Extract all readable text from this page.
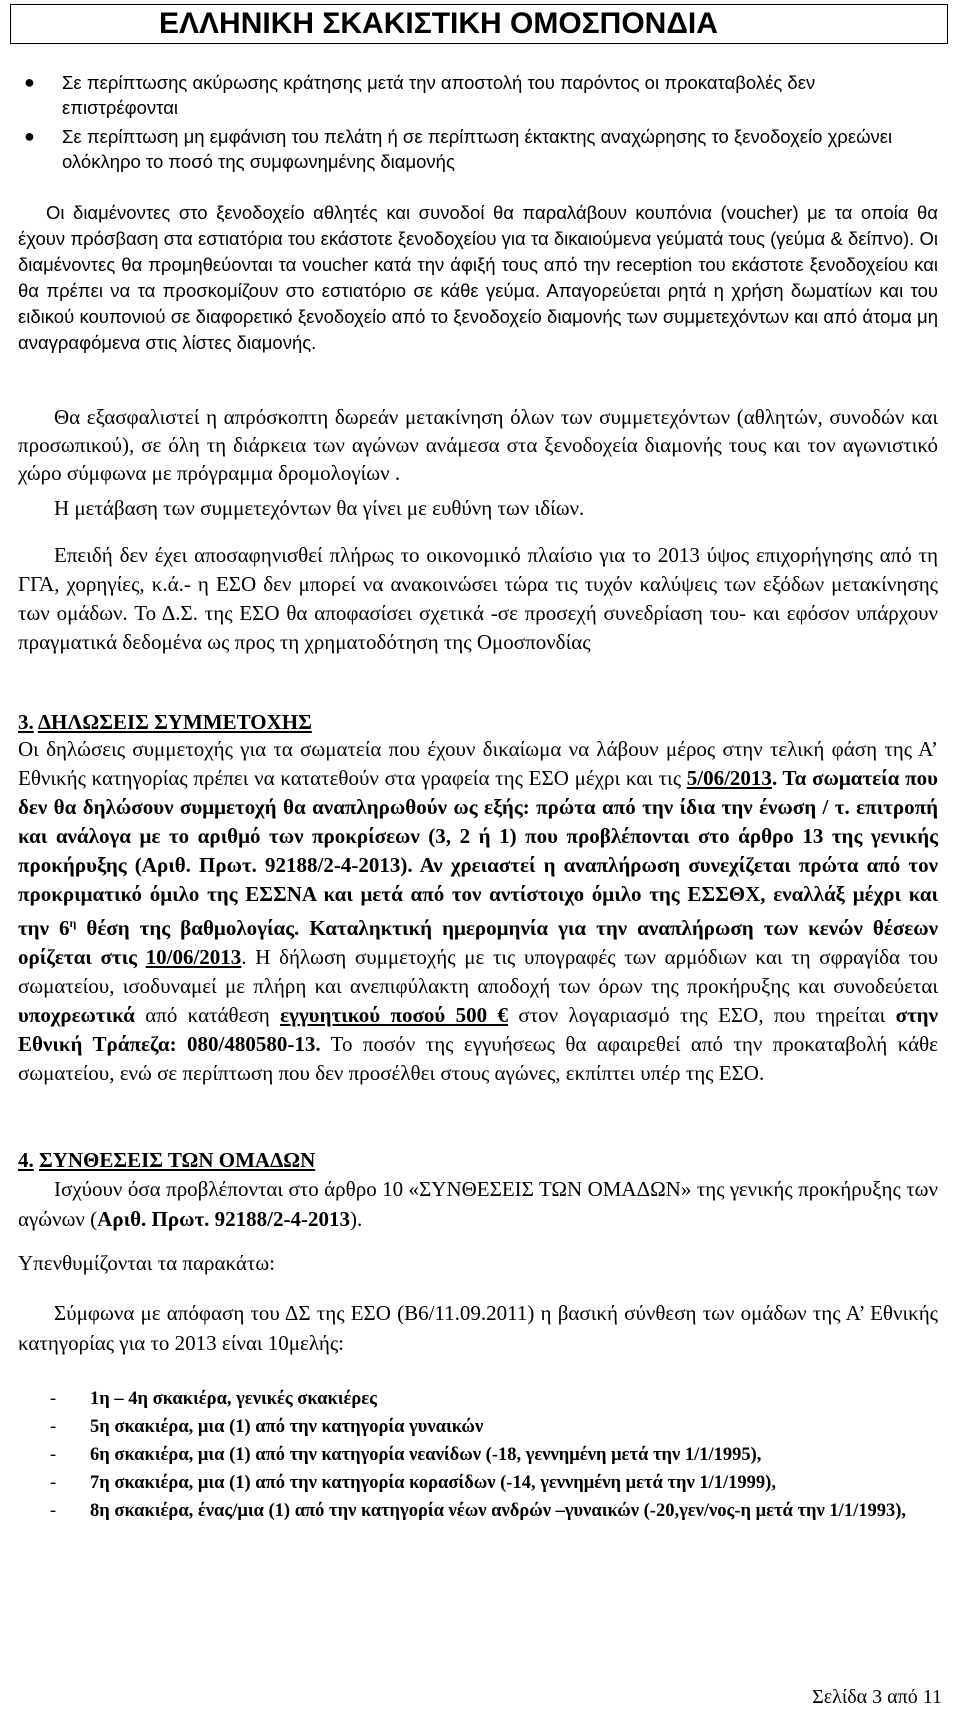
ΕΛΛΗΝΙΚΗ ΣΚΑΚΙΣΤΙΚΗ ΟΜΟΣΠΟΝΔΙΑ
● Σε περίπτωσης ακύρωσης κράτησης μετά την αποστολή του παρόντος οι προκαταβολές δεν επιστρέφονται
● Σε περίπτωση μη εμφάνιση του πελάτη ή σε περίπτωση έκτακτης αναχώρησης το ξενοδοχείο χρεώνει ολόκληρο το ποσό της συμφωνημένης διαμονής
Οι διαμένοντες στο ξενοδοχείο αθλητές και συνοδοί θα παραλάβουν κουπόνια (voucher) με τα οποία θα έχουν πρόσβαση στα εστιατόρια του εκάστοτε ξενοδοχείου για τα δικαιούμενα γεύματά τους (γεύμα & δείπνο). Οι διαμένοντες θα προμηθεύονται τα voucher κατά την άφιξή τους από την reception του εκάστοτε ξενοδοχείου και θα πρέπει να τα προσκομίζουν στο εστιατόριο σε κάθε γεύμα. Απαγορεύεται ρητά η χρήση δωματίων και του ειδικού κουπονιού σε διαφορετικό ξενοδοχείο από το ξενοδοχείο διαμονής των συμμετεχόντων και από άτομα μη αναγραφόμενα στις λίστες διαμονής.
Θα εξασφαλιστεί η απρόσκοπτη δωρεάν μετακίνηση όλων των συμμετεχόντων (αθλητών, συνοδών και προσωπικού), σε όλη τη διάρκεια των αγώνων ανάμεσα στα ξενοδοχεία διαμονής τους και τον αγωνιστικό χώρο σύμφωνα με πρόγραμμα δρομολογίων .
Η μετάβαση των συμμετεχόντων θα γίνει με ευθύνη των ιδίων.
Επειδή δεν έχει αποσαφηνισθεί πλήρως το οικονομικό πλαίσιο για το 2013 ύψος επιχορήγησης από τη ΓΓΑ, χορηγίες, κ.ά.- η ΕΣΟ δεν μπορεί να ανακοινώσει τώρα τις τυχόν καλύψεις των εξόδων μετακίνησης των ομάδων. Το Δ.Σ. της ΕΣΟ θα αποφασίσει σχετικά -σε προσεχή συνεδρίαση του- και εφόσον υπάρχουν πραγματικά δεδομένα ως προς τη χρηματοδότηση της Ομοσπονδίας
3. ΔΗΛΩΣΕΙΣ ΣΥΜΜΕΤΟΧΗΣ
Οι δηλώσεις συμμετοχής για τα σωματεία που έχουν δικαίωμα να λάβουν μέρος στην τελική φάση της Α’ Εθνικής κατηγορίας πρέπει να κατατεθούν στα γραφεία της ΕΣΟ μέχρι και τις 5/06/2013. Τα σωματεία που δεν θα δηλώσουν συμμετοχή θα αναπληρωθούν ως εξής: πρώτα από την ίδια την ένωση / τ. επιτροπή και ανάλογα με το αριθμό των προκρίσεων (3, 2 ή 1) που προβλέπονται στο άρθρο 13 της γενικής προκήρυξης (Αριθ. Πρωτ. 92188/2-4-2013). Αν χρειαστεί η αναπλήρωση συνεχίζεται πρώτα από τον προκριματικό όμιλο της ΕΣΣΝΑ και μετά από τον αντίστοιχο όμιλο της ΕΣΣΘΧ, εναλλάξ μέχρι και την $6^\eta$ θέση της βαθμολογίας. Καταληκτική ημερομηνία για την αναπλήρωση των κενών θέσεων ορίζεται στις 10/06/2013. Η δήλωση συμμετοχής με τις υπογραφές των αρμόδιων και τη σφραγίδα του σωματείου, ισοδυναμεί με πλήρη και ανεπιφύλακτη αποδοχή των όρων της προκήρυξης και συνοδεύεται υποχρεωτικά από κατάθεση εγγυητικού ποσού 500 € στον λογαριασμό της ΕΣΟ, που τηρείται στην Εθνική Τράπεζα: 080/480580-13. Το ποσόν της εγγυήσεως θα αφαιρεθεί από την προκαταβολή κάθε σωματείου, ενώ σε περίπτωση που δεν προσέλθει στους αγώνες, εκπίπτει υπέρ της ΕΣΟ.
4. ΣΥΝΘΕΣΕΙΣ ΤΩΝ ΟΜΑΔΩΝ
Ισχύουν όσα προβλέπονται στο άρθρο 10 «ΣΥΝΘΕΣΕΙΣ ΤΩΝ ΟΜΑΔΩΝ» της γενικής προκήρυξης των αγώνων (Αριθ. Πρωτ. 92188/2-4-2013).
Υπενθυμίζονται τα παρακάτω:
Σύμφωνα με απόφαση του ΔΣ της ΕΣΟ (Β6/11.09.2011) η βασική σύνθεση των ομάδων της Α’ Εθνικής κατηγορίας για το 2013 είναι 10μελής:
- 1η – 4η σκακιέρα, γενικές σκακιέρες
- 5η σκακιέρα, μια (1) από την κατηγορία γυναικών
- 6η σκακιέρα, μια (1) από την κατηγορία νεανίδων (-18, γεννημένη μετά την 1/1/1995),
- 7η σκακιέρα, μια (1) από την κατηγορία κορασίδων (-14, γεννημένη μετά την 1/1/1999),
- 8η σκακιέρα, ένας/μια (1) από την κατηγορία νέων ανδρών –γυναικών (-20,γεν/νος-η μετά την 1/1/1993),
Σελίδα 3 από 11
